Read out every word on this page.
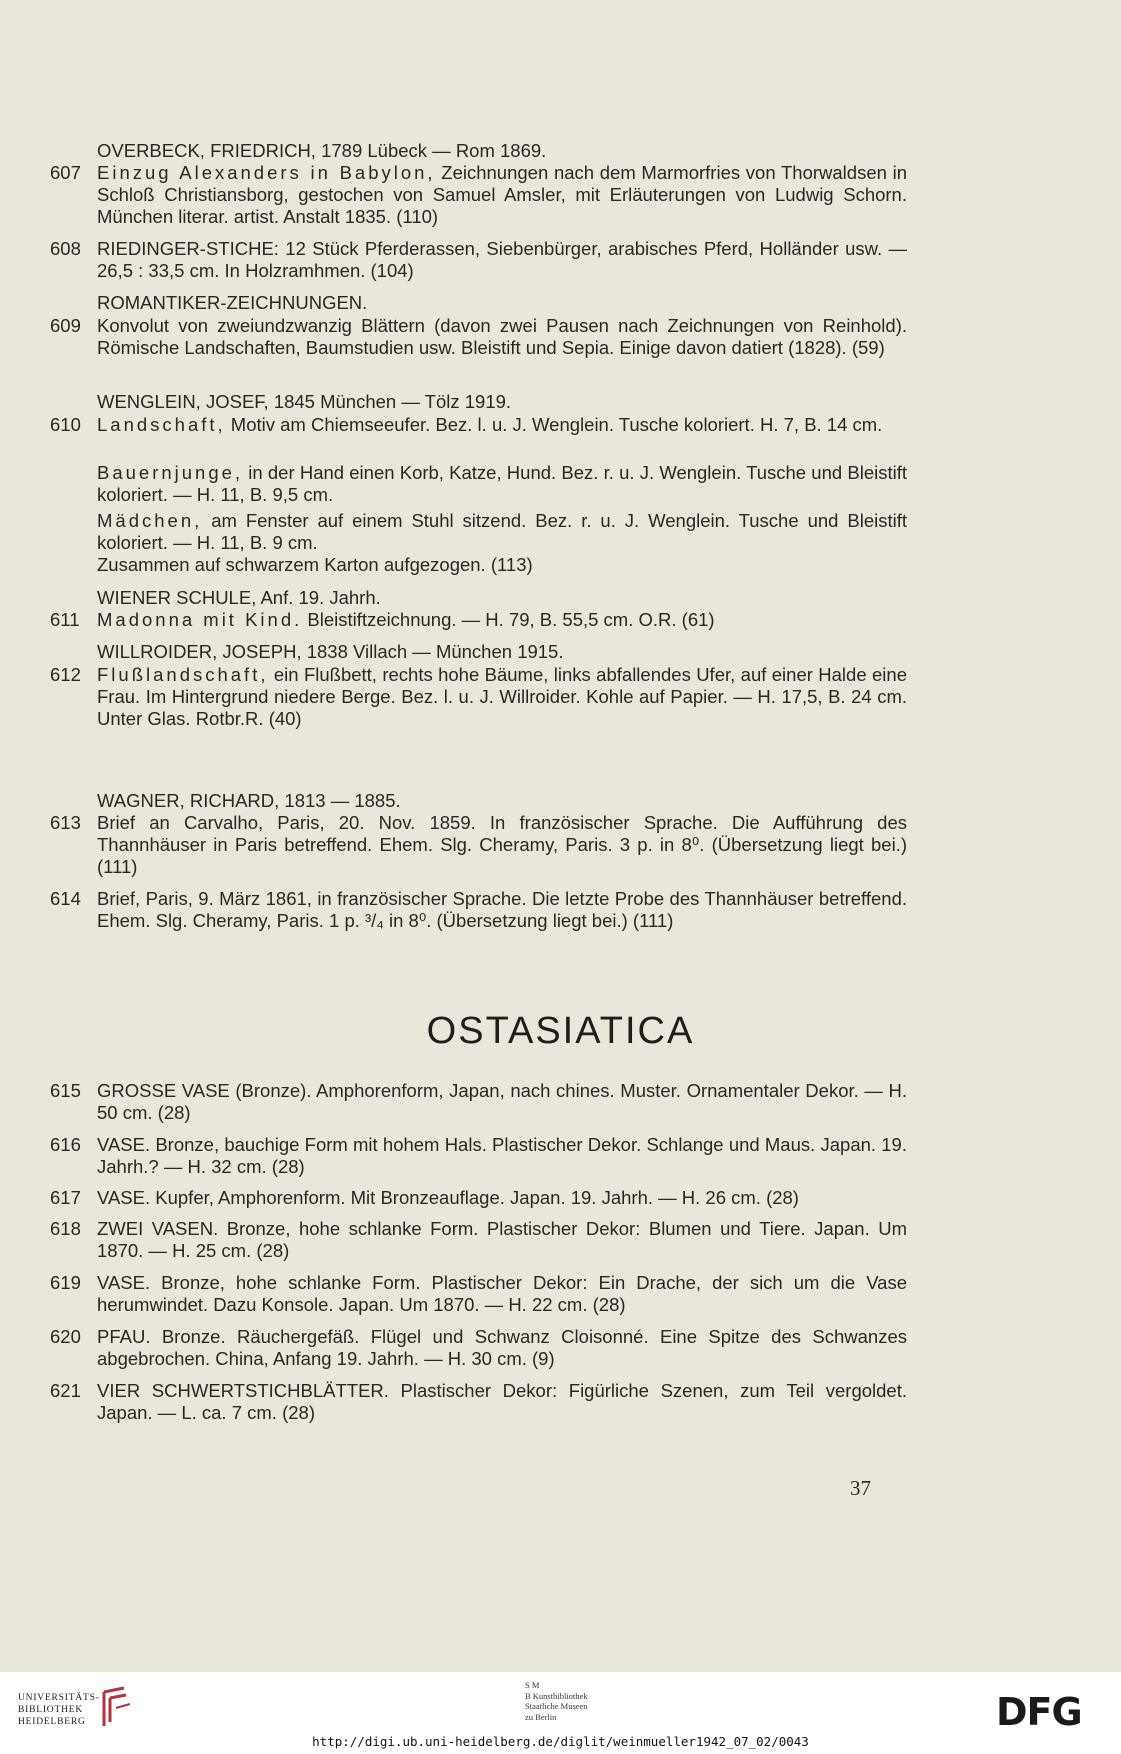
OVERBECK, FRIEDRICH, 1789 Lübeck — Rom 1869.
607 Einzug Alexanders in Babylon, Zeichnungen nach dem Marmorfries von Thorwaldsen in Schloß Christiansborg, gestochen von Samuel Amsler, mit Erläuterungen von Ludwig Schorn. München literar. artist. Anstalt 1835. (110)
608 RIEDINGER-STICHE: 12 Stück Pferderassen, Siebenbürger, arabisches Pferd, Holländer usw. — 26,5 : 33,5 cm. In Holzramhmen. (104)
ROMANTIKER-ZEICHNUNGEN.
609 Konvolut von zweiundzwanzig Blättern (davon zwei Pausen nach Zeichnungen von Reinhold). Römische Landschaften, Baumstudien usw. Bleistift und Sepia. Einige davon datiert (1828). (59)
WENGLEIN, JOSEF, 1845 München — Tölz 1919.
610 Landschaft, Motiv am Chiemseeufer. Bez. l. u. J. Wenglein. Tusche koloriert. H. 7, B. 14 cm.
Bauernjunge, in der Hand einen Korb, Katze, Hund. Bez. r. u. J. Wenglein. Tusche und Bleistift koloriert. — H. 11, B. 9,5 cm.
Mädchen, am Fenster auf einem Stuhl sitzend. Bez. r. u. J. Wenglein. Tusche und Bleistift koloriert. — H. 11, B. 9 cm.
Zusammen auf schwarzem Karton aufgezogen. (113)
WIENER SCHULE, Anf. 19. Jahrh.
611 Madonna mit Kind. Bleistiftzeichnung. — H. 79, B. 55,5 cm. O.R. (61)
WILLROIDER, JOSEPH, 1838 Villach — München 1915.
612 Flußlandschaft, ein Flußbett, rechts hohe Bäume, links abfallendes Ufer, auf einer Halde eine Frau. Im Hintergrund niedere Berge. Bez. l. u. J. Willroider. Kohle auf Papier. — H. 17,5, B. 24 cm. Unter Glas. Rotbr.R. (40)
WAGNER, RICHARD, 1813 — 1885.
613 Brief an Carvalho, Paris, 20. Nov. 1859. In französischer Sprache. Die Aufführung des Thannhäuser in Paris betreffend. Ehem. Slg. Cheramy, Paris. 3 p. in 8⁰. (Übersetzung liegt bei.) (111)
614 Brief, Paris, 9. März 1861, in französischer Sprache. Die letzte Probe des Thannhäuser betreffend. Ehem. Slg. Cheramy, Paris. 1 p. ³/₄ in 8⁰. (Übersetzung liegt bei.) (111)
OSTASIATICA
615 GROSSE VASE (Bronze). Amphorenform, Japan, nach chines. Muster. Ornamentaler Dekor. — H. 50 cm. (28)
616 VASE. Bronze, bauchige Form mit hohem Hals. Plastischer Dekor. Schlange und Maus. Japan. 19. Jahrh.? — H. 32 cm. (28)
617 VASE. Kupfer, Amphorenform. Mit Bronzeauflage. Japan. 19. Jahrh. — H. 26 cm. (28)
618 ZWEI VASEN. Bronze, hohe schlanke Form. Plastischer Dekor: Blumen und Tiere. Japan. Um 1870. — H. 25 cm. (28)
619 VASE. Bronze, hohe schlanke Form. Plastischer Dekor: Ein Drache, der sich um die Vase herumwindet. Dazu Konsole. Japan. Um 1870. — H. 22 cm. (28)
620 PFAU. Bronze. Räuchergefäß. Flügel und Schwanz Cloisonné. Eine Spitze des Schwanzes abgebrochen. China, Anfang 19. Jahrh. — H. 30 cm. (9)
621 VIER SCHWERTSTICHBLÄTTER. Plastischer Dekor: Figürliche Szenen, zum Teil vergoldet. Japan. — L. ca. 7 cm. (28)
37
UNIVERSITÄTS-
BIBLIOTHEK
HEIDELBERG
S M
B Kunstbibliothek
Staatliche Museen
zu Berlin
http://digi.ub.uni-heidelberg.de/diglit/weinmueller1942_07_02/0043
DFG
